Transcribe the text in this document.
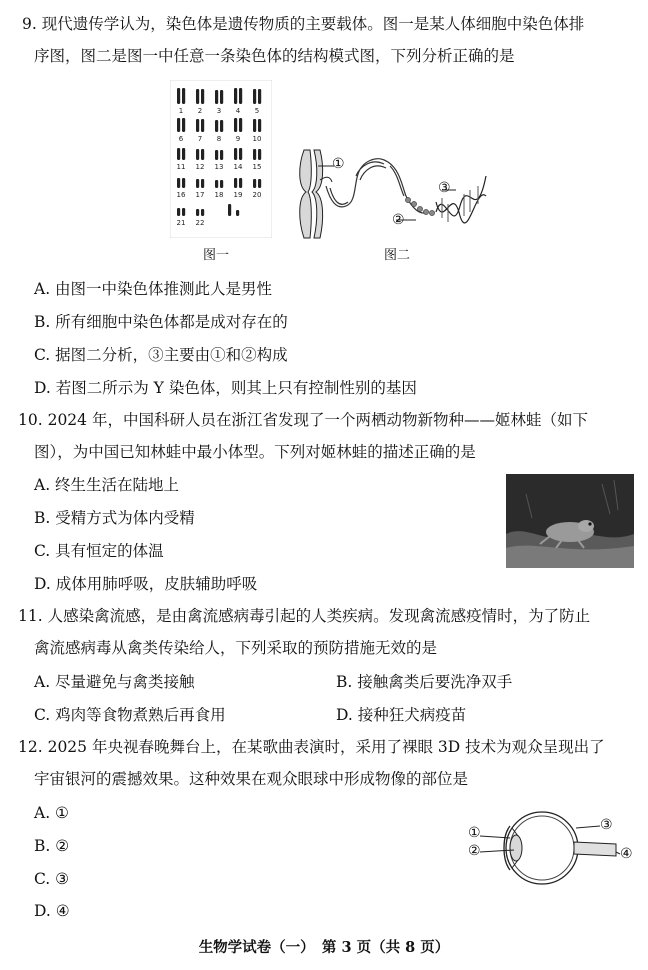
9. 现代遗传学认为，染色体是遗传物质的主要载体。图一是某人体细胞中染色体排
序图，图二是图一中任意一条染色体的结构模式图，下列分析正确的是
1 2 3 4 5
6 7 8 9 10
11 12 13 14 15
16 17 18 19 20
21 22
图一
①
②
③
图二
A. 由图一中染色体推测此人是男性
B. 所有细胞中染色体都是成对存在的
C. 据图二分析，③主要由①和②构成
D. 若图二所示为 Y 染色体，则其上只有控制性别的基因
10. 2024 年，中国科研人员在浙江省发现了一个两栖动物新物种——姬林蛙（如下
图），为中国已知林蛙中最小体型。下列对姬林蛙的描述正确的是
A. 终生生活在陆地上
B. 受精方式为体内受精
C. 具有恒定的体温
D. 成体用肺呼吸，皮肤辅助呼吸
11. 人感染禽流感，是由禽流感病毒引起的人类疾病。发现禽流感疫情时，为了防止
禽流感病毒从禽类传染给人，下列采取的预防措施无效的是
A. 尽量避免与禽类接触	B. 接触禽类后要洗净双手
C. 鸡肉等食物煮熟后再食用	D. 接种狂犬病疫苗
12. 2025 年央视春晚舞台上，在某歌曲表演时，采用了裸眼 3D 技术为观众呈现出了
宇宙银河的震撼效果。这种效果在观众眼球中形成物像的部位是
①
②
③
④
A. ①
B. ②
C. ③
D. ④
生物学试卷（一）　第 3 页（共 8 页）
